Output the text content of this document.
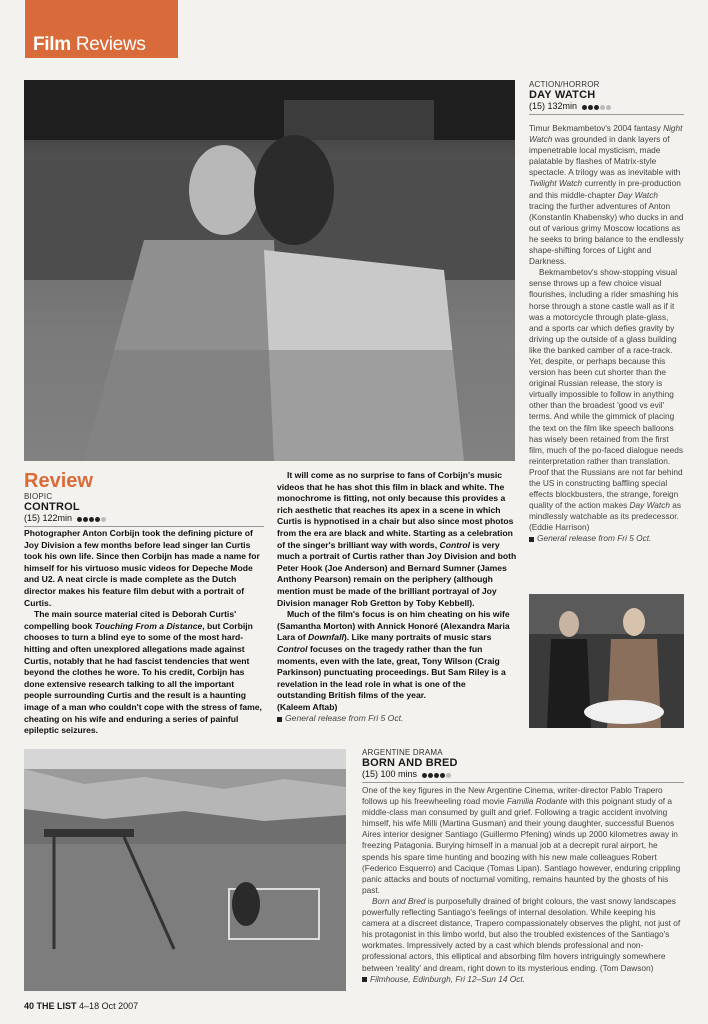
Film Reviews
Review
BIOPIC
CONTROL
(15) 122min

Photographer Anton Corbijn took the defining picture of Joy Division a few months before lead singer Ian Curtis took his own life. Since then Corbijn has made a name for himself for his virtuoso music videos for Depeche Mode and U2. A neat circle is made complete as the Dutch director makes his feature film debut with a portrait of Curtis.

The main source material cited is Deborah Curtis' compelling book Touching From a Distance, but Corbijn chooses to turn a blind eye to some of the most hard-hitting and often unexplored allegations made against Curtis, notably that he had fascist tendencies that went beyond the clothes he wore. To his credit, Corbijn has done extensive research talking to all the important people surrounding Curtis and the result is a haunting image of a man who couldn't cope with the stress of fame, cheating on his wife and enduring a series of painful epileptic seizures.

It will come as no surprise to fans of Corbijn's music videos that he has shot this film in black and white. The monochrome is fitting, not only because this provides a rich aesthetic that reaches its apex in a scene in which Curtis is hypnotised in a chair but also since most photos from the era are black and white. Starting as a celebration of the singer's brilliant way with words, Control is very much a portrait of Curtis rather than Joy Division and both Peter Hook (Joe Anderson) and Bernard Sumner (James Anthony Pearson) remain on the periphery (although mention must be made of the brilliant portrayal of Joy Division manager Rob Gretton by Toby Kebbell).

Much of the film's focus is on him cheating on his wife (Samantha Morton) with Annick Honoré (Alexandra Maria Lara of Downfall). Like many portraits of music stars Control focuses on the tragedy rather than the fun moments, even with the late, great, Tony Wilson (Craig Parkinson) punctuating proceedings. But Sam Riley is a revelation in the lead role in what is one of the outstanding British films of the year.

(Kaleem Aftab)

General release from Fri 5 Oct.

ACTION/HORROR
DAY WATCH
(15) 132min

Timur Bekmambetov's 2004 fantasy Night Watch was grounded in dank layers of impenetrable local mysticism, made palatable by flashes of Matrix-style spectacle. A trilogy was as inevitable with Twilight Watch currently in pre-production and this middle-chapter Day Watch tracing the further adventures of Anton (Konstantin Khabensky) who ducks in and out of various grimy Moscow locations as he seeks to bring balance to the endlessly shape-shifting forces of Light and Darkness.

Bekmambetov's show-stopping visual sense throws up a few choice visual flourishes, including a rider smashing his horse through a stone castle wall as if it was a motorcycle through plate-glass, and a sports car which defies gravity by driving up the outside of a glass building like the banked camber of a race-track. Yet, despite, or perhaps because this version has been cut shorter than the original Russian release, the story is virtually impossible to follow in anything other than the broadest 'good vs evil' terms. And while the gimmick of placing the text on the film like speech balloons has wisely been retained from the first film, much of the po-faced dialogue needs reinterpretation rather than translation. Proof that the Russians are not far behind the US in constructing baffling special effects blockbusters, the strange, foreign quality of the action makes Day Watch as mindlessly watchable as its predecessor.

(Eddie Harrison)

General release from Fri 5 Oct.

ARGENTINE DRAMA
BORN AND BRED
(15) 100 mins

One of the key figures in the New Argentine Cinema, writer-director Pablo Trapero follows up his freewheeling road movie Familia Rodante with this poignant study of a middle-class man consumed by guilt and grief. Following a tragic accident involving himself, his wife Milli (Martina Gusman) and their young daughter, successful Buenos Aires interior designer Santiago (Guillermo Pfening) winds up 2000 kilometres away in freezing Patagonia. Burying himself in a manual job at a decrepit rural airport, he spends his spare time hunting and boozing with his new male colleagues Robert (Federico Esquerro) and Cacique (Tomas Lipan). Santiago however, enduring crippling panic attacks and bouts of nocturnal vomiting, remains haunted by the ghosts of his past.

Born and Bred is purposefully drained of bright colours, the vast snowy landscapes powerfully reflecting Santiago's feelings of internal desolation. While keeping his camera at a discreet distance, Trapero compassionately observes the plight, not just of his protagonist in this limbo world, but also the troubled existences of the Santiago's workmates. Impressively acted by a cast which blends professional and non-professional actors, this elliptical and absorbing film hovers intriguingly somewhere between 'reality' and dream, right down to its mysterious ending. (Tom Dawson)

Filmhouse, Edinburgh, Fri 12–Sun 14 Oct.

40 THE LIST 4–18 Oct 2007
